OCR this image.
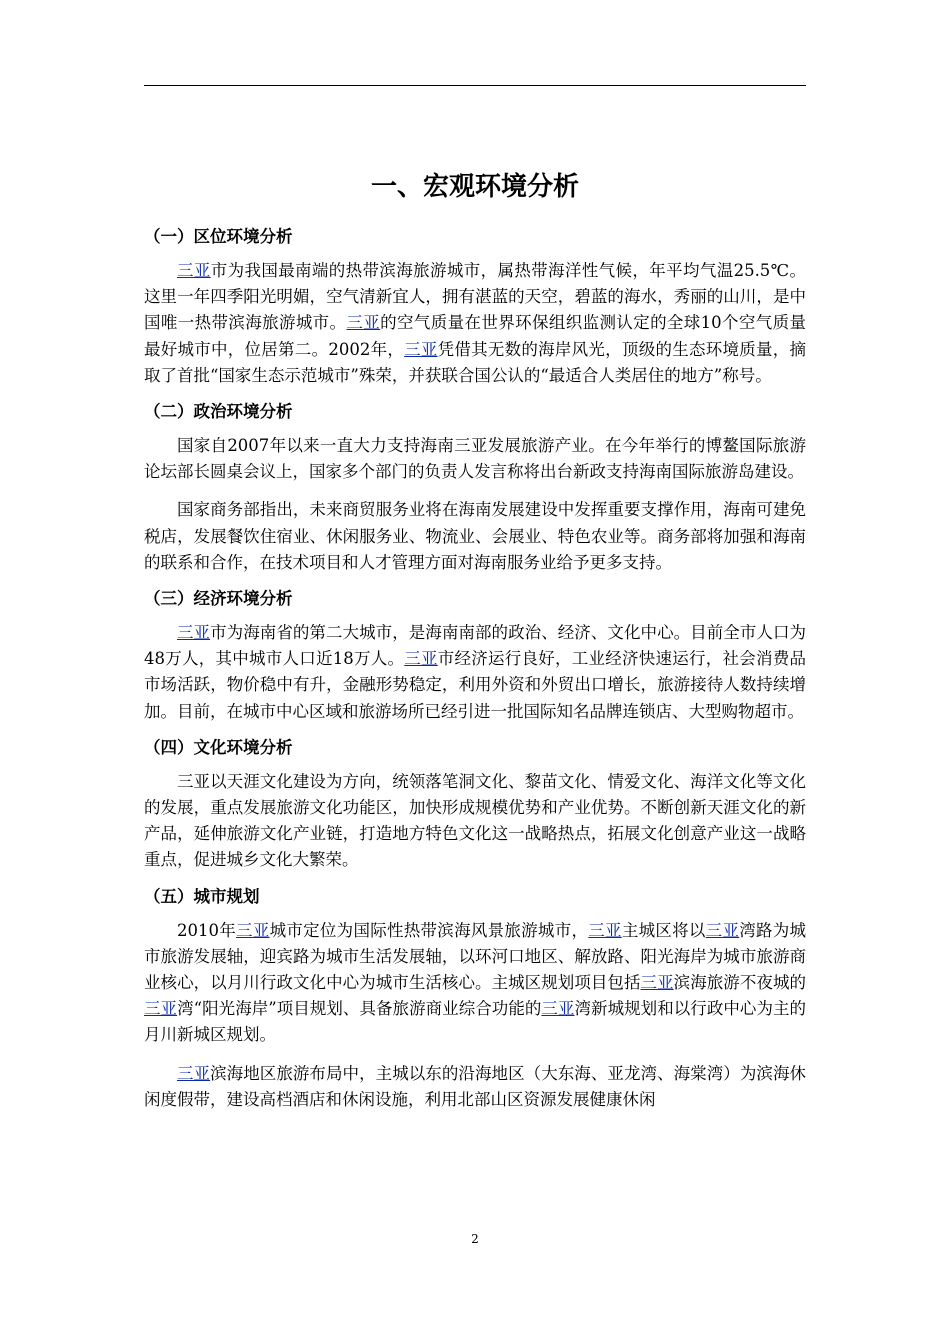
一、宏观环境分析
（一）区位环境分析

三亚市为我国最南端的热带滨海旅游城市，属热带海洋性气候，年平均气温25.5℃。这里一年四季阳光明媚，空气清新宜人，拥有湛蓝的天空，碧蓝的海水，秀丽的山川，是中国唯一热带滨海旅游城市。三亚的空气质量在世界环保组织监测认定的全球10个空气质量最好城市中，位居第二。2002年，三亚凭借其无数的海岸风光，顶级的生态环境质量，摘取了首批“国家生态示范城市”殊荣，并获联合国公认的“最适合人类居住的地方”称号。

（二）政治环境分析

国家自2007年以来一直大力支持海南三亚发展旅游产业。在今年举行的博鳌国际旅游论坛部长圆桌会议上，国家多个部门的负责人发言称将出台新政支持海南国际旅游岛建设。

国家商务部指出，未来商贸服务业将在海南发展建设中发挥重要支撑作用，海南可建免税店，发展餐饮住宿业、休闲服务业、物流业、会展业、特色农业等。商务部将加强和海南的联系和合作，在技术项目和人才管理方面对海南服务业给予更多支持。

（三）经济环境分析

三亚市为海南省的第二大城市，是海南南部的政治、经济、文化中心。目前全市人口为48万人，其中城市人口近18万人。三亚市经济运行良好，工业经济快速运行，社会消费品市场活跃，物价稳中有升，金融形势稳定，利用外资和外贸出口增长，旅游接待人数持续增加。目前，在城市中心区域和旅游场所已经引进一批国际知名品牌连锁店、大型购物超市。

（四）文化环境分析

三亚以天涯文化建设为方向，统领落笔洞文化、黎苗文化、情爱文化、海洋文化等文化的发展，重点发展旅游文化功能区，加快形成规模优势和产业优势。不断创新天涯文化的新产品，延伸旅游文化产业链，打造地方特色文化这一战略热点，拓展文化创意产业这一战略重点，促进城乡文化大繁荣。

（五）城市规划

2010年三亚城市定位为国际性热带滨海风景旅游城市，三亚主城区将以三亚湾路为城市旅游发展轴，迎宾路为城市生活发展轴，以环河口地区、解放路、阳光海岸为城市旅游商业核心，以月川行政文化中心为城市生活核心。主城区规划项目包括三亚滨海旅游不夜城的三亚湾“阳光海岸”项目规划、具备旅游商业综合功能的三亚湾新城规划和以行政中心为主的月川新城区规划。

三亚滨海地区旅游布局中，主城以东的沿海地区（大东海、亚龙湾、海棠湾）为滨海休闲度假带，建设高档酒店和休闲设施，利用北部山区资源发展健康休闲

2
